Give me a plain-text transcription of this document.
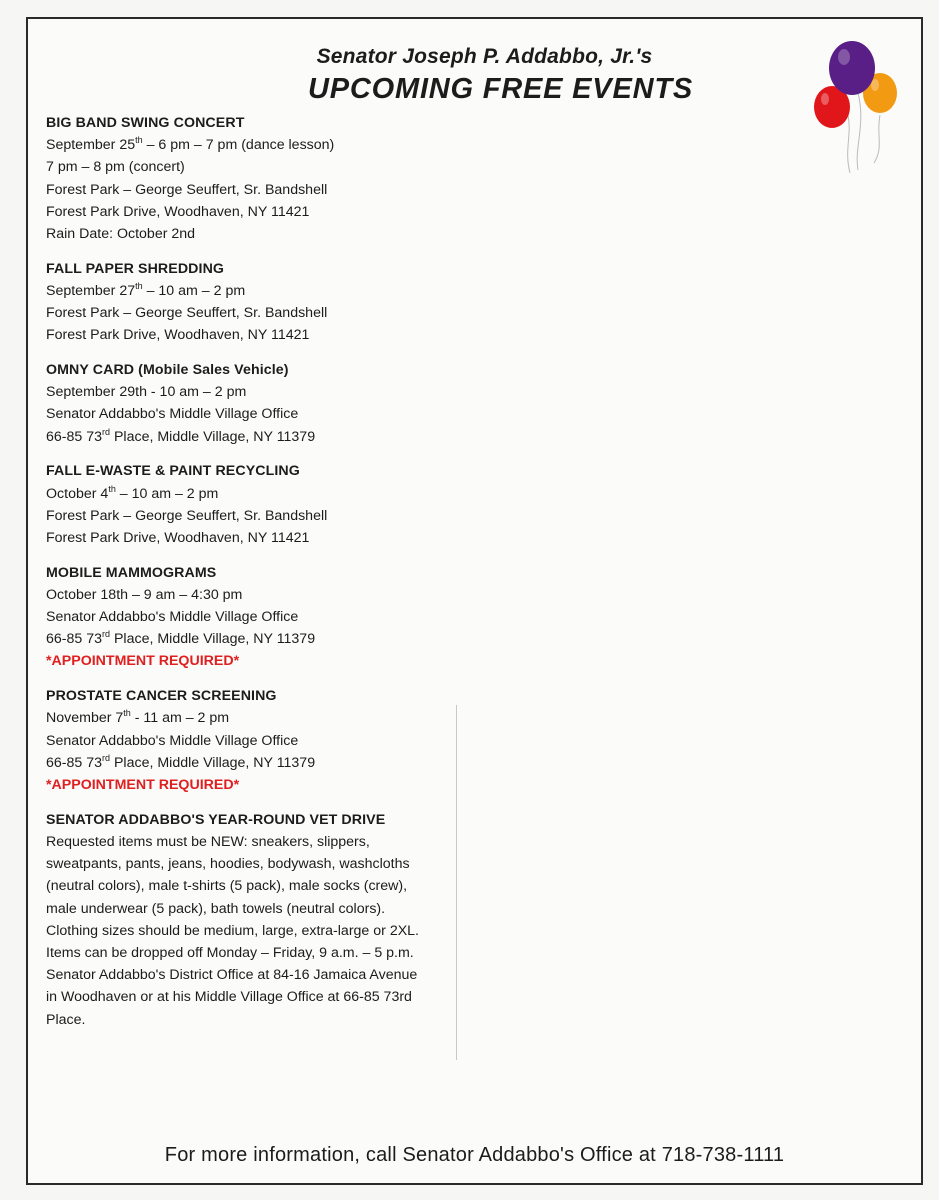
Senator Joseph P. Addabbo, Jr.'s
UPCOMING FREE EVENTS
BIG BAND SWING CONCERT
September 25th – 6 pm – 7 pm (dance lesson)
7 pm – 8 pm (concert)
Forest Park – George Seuffert, Sr. Bandshell
Forest Park Drive, Woodhaven, NY 11421
Rain Date: October 2nd
FALL PAPER SHREDDING
September 27th – 10 am – 2 pm
Forest Park – George Seuffert, Sr. Bandshell
Forest Park Drive, Woodhaven, NY 11421
OMNY CARD (Mobile Sales Vehicle)
September 29th - 10 am – 2 pm
Senator Addabbo's Middle Village Office
66-85 73rd Place, Middle Village, NY 11379
FALL E-WASTE & PAINT RECYCLING
October 4th – 10 am – 2 pm
Forest Park – George Seuffert, Sr. Bandshell
Forest Park Drive, Woodhaven, NY 11421
MOBILE MAMMOGRAMS
October 18th – 9 am – 4:30 pm
Senator Addabbo's Middle Village Office
66-85 73rd Place, Middle Village, NY 11379
*APPOINTMENT REQUIRED*
PROSTATE CANCER SCREENING
November 7th - 11 am – 2 pm
Senator Addabbo's Middle Village Office
66-85 73rd Place, Middle Village, NY 11379
*APPOINTMENT REQUIRED*
SENATOR ADDABBO'S YEAR-ROUND VET DRIVE
Requested items must be NEW: sneakers, slippers,
sweatpants, pants, jeans, hoodies, bodywash, washcloths
(neutral colors), male t-shirts (5 pack), male socks (crew),
male underwear (5 pack), bath towels (neutral colors).
Clothing sizes should be medium, large, extra-large or 2XL.
Items can be dropped off Monday – Friday, 9 a.m. – 5 p.m.
Senator Addabbo's District Office at 84-16 Jamaica Avenue
in Woodhaven or at his Middle Village Office at 66-85 73rd
Place.
For more information, call Senator Addabbo's Office at 718-738-1111
